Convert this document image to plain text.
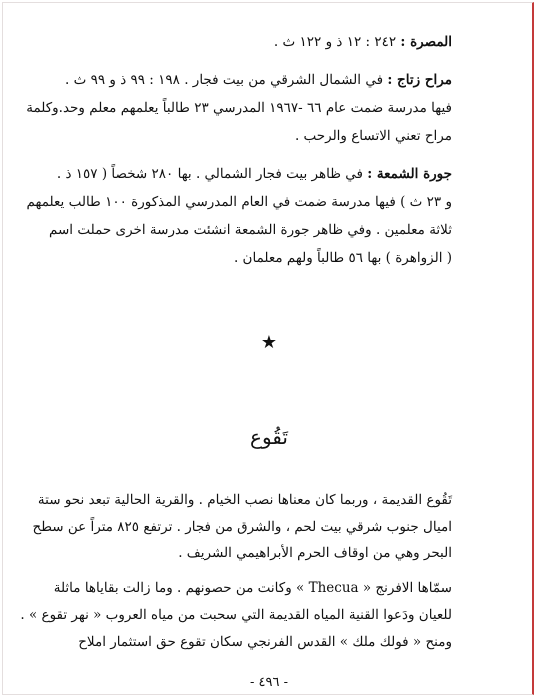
المصرة : ٢٤٢ : ١٢ ذ و ١٢٢ ث .
مراح زتاج : في الشمال الشرقي من بيت فجار . ١٩٨ : ٩٩ ذ و ٩٩ ث .
فيها مدرسة ضمت عام ٦٦ -١٩٦٧ المدرسي ٢٣ طالباً يعلمهم معلم وحد.وكلمة
مراح تعني الاتساع والرحب .
جورة الشمعة : في ظاهر بيت فجار الشمالي . بها ٢٨٠ شخصاً ( ١٥٧ ذ .
و ٢٣ ث ) فيها مدرسة ضمت في العام المدرسي المذكورة ١٠٠ طالب يعلمهم
ثلاثة معلمين . وفي ظاهر جورة الشمعة انشئت مدرسة اخرى حملت اسم
( الزواهرة ) بها ٥٦ طالباً ولهم معلمان .
★
تَقُوع
تَقُوع القديمة ، وربما كان معناها نصب الخيام . والقرية الحالية تبعد نحو ستة
اميال جنوب شرقي بيت لحم ، والشرق من فجار . ترتفع ٨٢٥ متراً عن سطح
البحر وهي من اوقاف الحرم الأبراهيمي الشريف .
سمّاها الافرنج « Thecua » وكانت من حصونهم . وما زالت بقاياها ماثلة
للعيان ودَعوا القنية المياه القديمة التي سحبت من مياه العروب « نهر تقوع » .
ومنح « فولك ملك » القدس الفرنجي سكان تقوع حق استثمار املاح
- ٤٩٦ -
